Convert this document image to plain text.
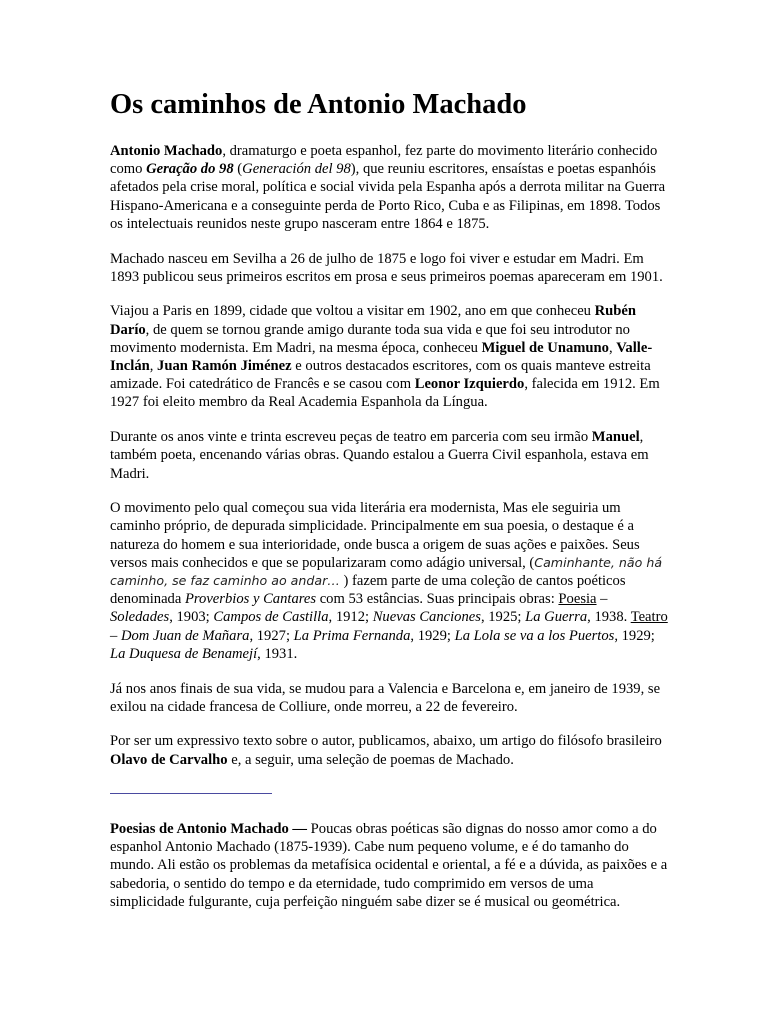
Os caminhos de Antonio Machado

Antonio Machado, dramaturgo e poeta espanhol, fez parte do movimento literário conhecido como Geração do 98 (Generación del 98), que reuniu escritores, ensaístas e poetas espanhóis afetados pela crise moral, política e social vivida pela Espanha após a derrota militar na Guerra Hispano-Americana e a conseguinte perda de Porto Rico, Cuba e as Filipinas, em 1898. Todos os intelectuais reunidos neste grupo nasceram entre 1864 e 1875.

Machado nasceu em Sevilha a 26 de julho de 1875 e logo foi viver e estudar em Madri. Em 1893 publicou seus primeiros escritos em prosa e seus primeiros poemas apareceram em 1901.

Viajou a Paris en 1899, cidade que voltou a visitar em 1902, ano em que conheceu Rubén Darío, de quem se tornou grande amigo durante toda sua vida e que foi seu introdutor no movimento modernista. Em Madri, na mesma época, conheceu Miguel de Unamuno, Valle-Inclán, Juan Ramón Jiménez e outros destacados escritores, com os quais manteve estreita amizade. Foi catedrático de Francês e se casou com Leonor Izquierdo, falecida em 1912. Em 1927 foi eleito membro da Real Academia Espanhola da Língua.

Durante os anos vinte e trinta escreveu peças de teatro em parceria com seu irmão Manuel, também poeta, encenando várias obras. Quando estalou a Guerra Civil espanhola, estava em Madri.

O movimento pelo qual começou sua vida literária era modernista, Mas ele seguiria um caminho próprio, de depurada simplicidade. Principalmente em sua poesia, o destaque é a natureza do homem e sua interioridade, onde busca a origem de suas ações e paixões. Seus versos mais conhecidos e que se popularizaram como adágio universal, (Caminhante, não há caminho, se faz caminho ao andar… ) fazem parte de uma coleção de cantos poéticos denominada Proverbios y Cantares com 53 estâncias. Suas principais obras: Poesia – Soledades, 1903; Campos de Castilla, 1912; Nuevas Canciones, 1925; La Guerra, 1938. Teatro – Dom Juan de Mañara, 1927; La Prima Fernanda, 1929; La Lola se va a los Puertos, 1929; La Duquesa de Benamejí, 1931.

Já nos anos finais de sua vida, se mudou para a Valencia e Barcelona e, em janeiro de 1939, se exilou na cidade francesa de Colliure, onde morreu, a 22 de fevereiro.

Por ser um expressivo texto sobre o autor, publicamos, abaixo, um artigo do filósofo brasileiro Olavo de Carvalho e, a seguir, uma seleção de poemas de Machado.

Poesias de Antonio Machado — Poucas obras poéticas são dignas do nosso amor como a do espanhol Antonio Machado (1875-1939). Cabe num pequeno volume, e é do tamanho do mundo. Ali estão os problemas da metafísica ocidental e oriental, a fé e a dúvida, as paixões e a sabedoria, o sentido do tempo e da eternidade, tudo comprimido em versos de uma simplicidade fulgurante, cuja perfeição ninguém sabe dizer se é musical ou geométrica.
